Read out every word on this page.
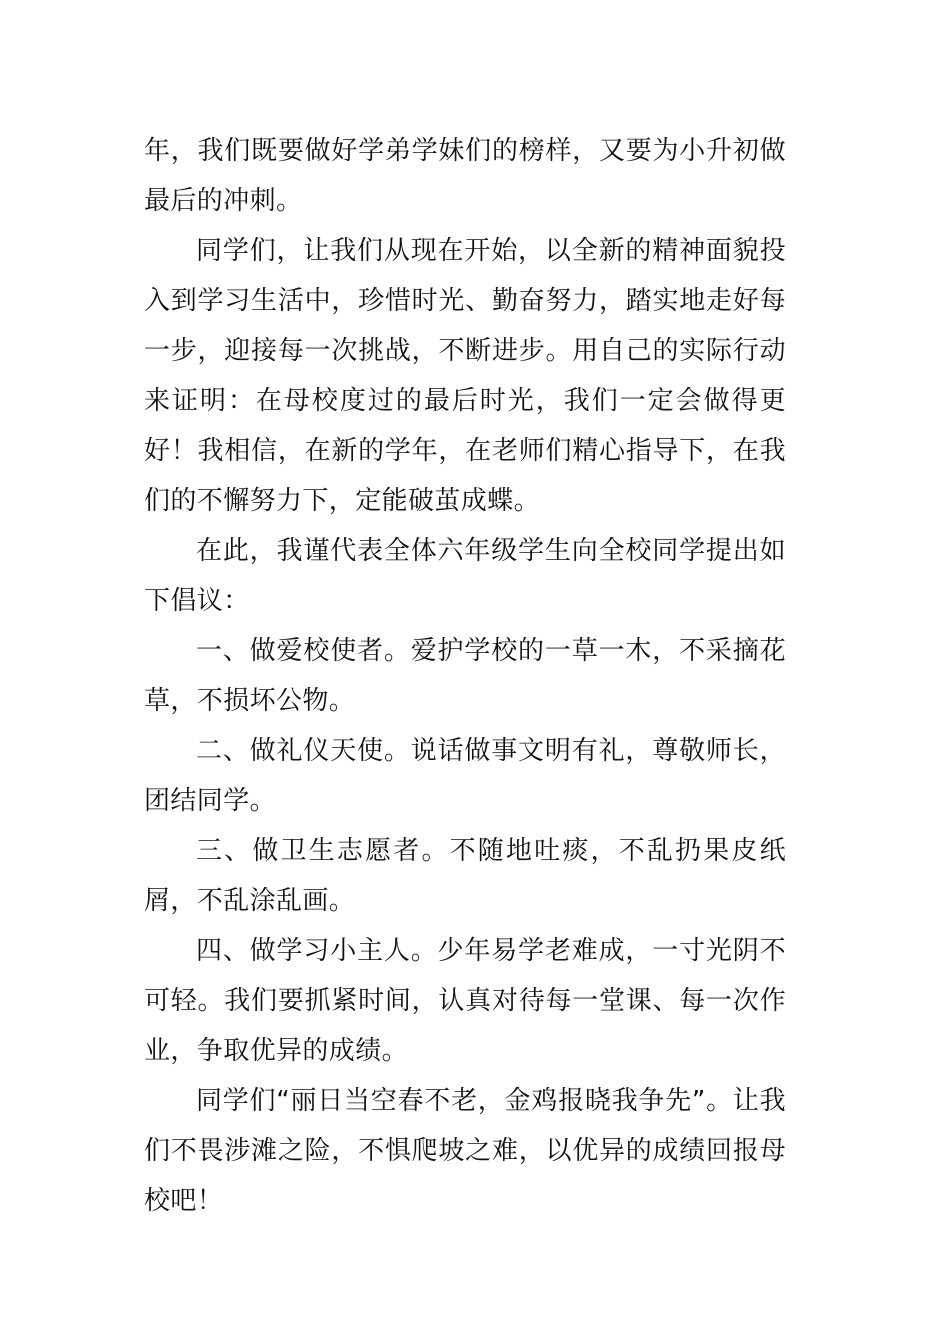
年，我们既要做好学弟学妹们的榜样，又要为小升初做最后的冲刺。

同学们，让我们从现在开始，以全新的精神面貌投入到学习生活中，珍惜时光、勤奋努力，踏实地走好每一步，迎接每一次挑战，不断进步。用自己的实际行动来证明：在母校度过的最后时光，我们一定会做得更好！我相信，在新的学年，在老师们精心指导下，在我们的不懈努力下，定能破茧成蝶。

在此，我谨代表全体六年级学生向全校同学提出如下倡议：

一、做爱校使者。爱护学校的一草一木，不采摘花草，不损坏公物。

二、做礼仪天使。说话做事文明有礼，尊敬师长，团结同学。

三、做卫生志愿者。不随地吐痰，不乱扔果皮纸屑，不乱涂乱画。

四、做学习小主人。少年易学老难成，一寸光阴不可轻。我们要抓紧时间，认真对待每一堂课、每一次作业，争取优异的成绩。

同学们“丽日当空春不老，金鸡报晓我争先”。让我们不畏涉滩之险，不惧爬坡之难，以优异的成绩回报母校吧！
